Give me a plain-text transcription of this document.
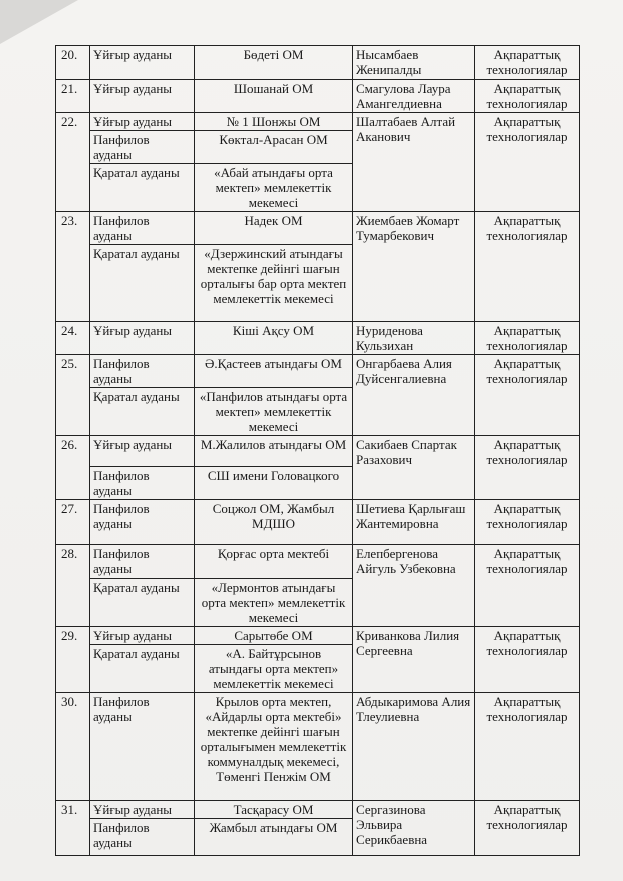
20.	Ұйғыр ауданы	Бөдеті ОМ	Нысамбаев Женипалды	Ақпараттық технологиялар
21.	Ұйғыр ауданы	Шошанай ОМ	Смагулова Лаура Амангелдиевна	Ақпараттық технологиялар
22.	Ұйғыр ауданы	№ 1 Шонжы ОМ	Шалтабаев Алтай Аканович	Ақпараттық технологиялар
	Панфилов ауданы	Көктал-Арасан ОМ		
	Қаратал ауданы	«Абай атындағы орта мектеп» мемлекеттік мекемесі		
23.	Панфилов ауданы	Надек ОМ	Жиембаев Жомарт Тумарбекович	Ақпараттық технологиялар
	Қаратал ауданы	«Дзержинский атындағы мектепке дейінгі шағын орталығы бар орта мектеп мемлекеттік мекемесі		
24.	Ұйғыр ауданы	Кіші Ақсу ОМ	Нуриденова Кульзихан	Ақпараттық технологиялар
25.	Панфилов ауданы	Ә.Қастеев атындағы ОМ	Онгарбаева Алия Дуйсенгалиевна	Ақпараттық технологиялар
	Қаратал ауданы	«Панфилов атындағы орта мектеп» мемлекеттік мекемесі		
26.	Ұйғыр ауданы	М.Жалилов атындағы ОМ	Сакибаев Спартак Разахович	Ақпараттық технологиялар
	Панфилов ауданы	СШ имени Головацкого		
27.	Панфилов ауданы	Соцжол ОМ, Жамбыл МДШО	Шетиева Қарлығаш Жантемировна	Ақпараттық технологиялар
28.	Панфилов ауданы	Қорғас орта мектебі	Елепбергенова Айгуль Узбековна	Ақпараттық технологиялар
	Қаратал ауданы	«Лермонтов атындағы орта мектеп» мемлекеттік мекемесі		
29.	Ұйғыр ауданы	Сарытөбе ОМ	Криванкова Лилия Сергеевна	Ақпараттық технологиялар
	Қаратал ауданы	«А. Байтұрсынов атындағы орта мектеп» мемлекеттік мекемесі		
30.	Панфилов ауданы	Крылов орта мектеп, «Айдарлы орта мектебі» мектепке дейінгі шағын орталығымен мемлекеттік коммуналдық мекемесі, Төменгі Пенжім ОМ	Абдыкаримова Алия Тлеулиевна	Ақпараттық технологиялар
31.	Ұйғыр ауданы	Тасқарасу ОМ	Сергазинова Эльвира Серикбаевна	Ақпараттық технологиялар
	Панфилов ауданы	Жамбыл атындағы ОМ		
